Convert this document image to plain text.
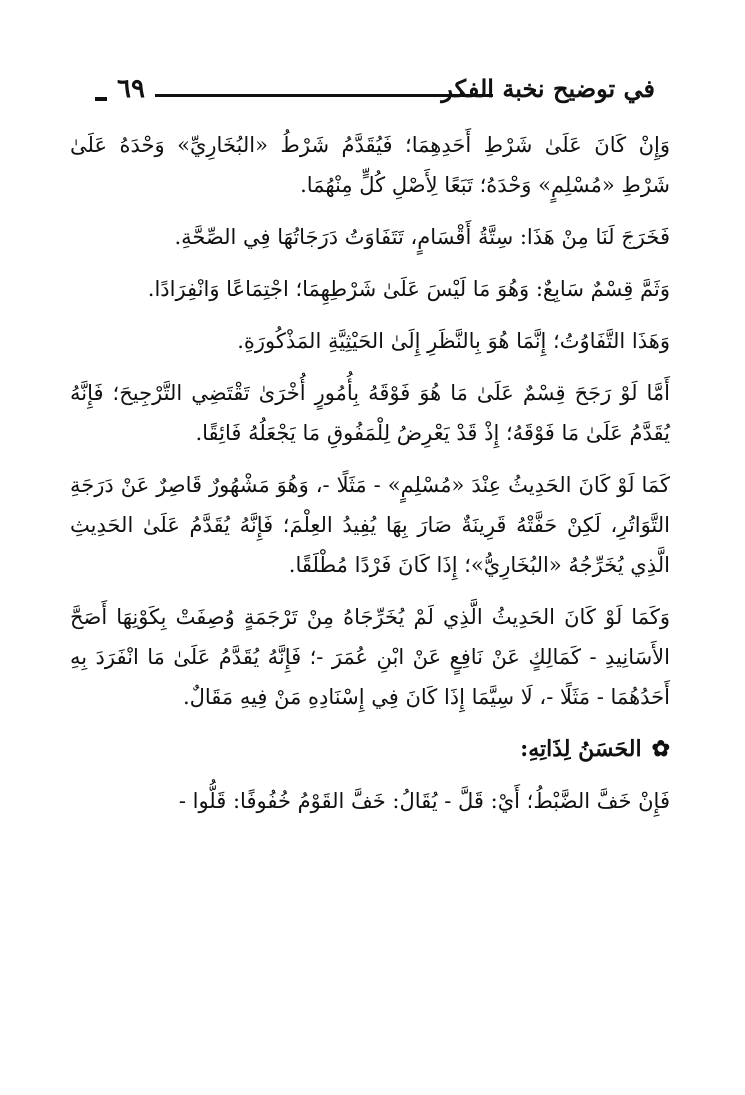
٦٩	في توضيح نخبة الفكر

وَإِنْ كَانَ عَلَىٰ شَرْطِ أَحَدِهِمَا؛ فَيُقَدَّمُ شَرْطُ «البُخَارِيِّ» وَحْدَهُ عَلَىٰ شَرْطِ «مُسْلِمٍ» وَحْدَهُ؛ تَبَعًا لِأَصْلِ كُلٍّ مِنْهُمَا.

فَخَرَجَ لَنَا مِنْ هَذَا: سِتَّةُ أَقْسَامٍ، تَتَفَاوَتُ دَرَجَاتُهَا فِي الصِّحَّةِ.

وَثَمَّ قِسْمٌ سَابِعٌ: وَهُوَ مَا لَيْسَ عَلَىٰ شَرْطِهِمَا؛ اجْتِمَاعًا وَانْفِرَادًا.

وَهَذَا التَّفَاوُتُ؛ إِنَّمَا هُوَ بِالنَّظَرِ إِلَىٰ الحَيْثِيَّةِ المَذْكُورَةِ.

أَمَّا لَوْ رَجَحَ قِسْمٌ عَلَىٰ مَا هُوَ فَوْقَهُ بِأُمُورٍ أُخْرَىٰ تَقْتَضِي التَّرْجِيحَ؛ فَإِنَّهُ يُقَدَّمُ عَلَىٰ مَا فَوْقَهُ؛ إِذْ قَدْ يَعْرِضُ لِلْمَفُوقِ مَا يَجْعَلُهُ فَائِقًا.

كَمَا لَوْ كَانَ الحَدِيثُ عِنْدَ «مُسْلِمٍ» - مَثَلًا -، وَهُوَ مَشْهُورٌ قَاصِرٌ عَنْ دَرَجَةِ التَّوَاتُرِ، لَكِنْ حَفَّتْهُ قَرِينَةٌ صَارَ بِهَا يُفِيدُ العِلْمَ؛ فَإِنَّهُ يُقَدَّمُ عَلَىٰ الحَدِيثِ الَّذِي يُخَرِّجُهُ «البُخَارِيُّ»؛ إِذَا كَانَ فَرْدًا مُطْلَقًا.

وَكَمَا لَوْ كَانَ الحَدِيثُ الَّذِي لَمْ يُخَرِّجَاهُ مِنْ تَرْجَمَةٍ وُصِفَتْ بِكَوْنِهَا أَصَحَّ الأَسَانِيدِ - كَمَالِكٍ عَنْ نَافِعٍ عَنْ ابْنِ عُمَرَ -؛ فَإِنَّهُ يُقَدَّمُ عَلَىٰ مَا انْفَرَدَ بِهِ أَحَدُهُمَا - مَثَلًا -، لَا سِيَّمَا إِذَا كَانَ فِي إِسْنَادِهِ مَنْ فِيهِ مَقَالٌ.

✿
الحَسَنُ لِذَاتِهِ:

فَإِنْ خَفَّ الضَّبْطُ؛ أَيْ: قَلَّ - يُقَالُ: خَفَّ القَوْمُ خُفُوفًا: قَلُّوا -
